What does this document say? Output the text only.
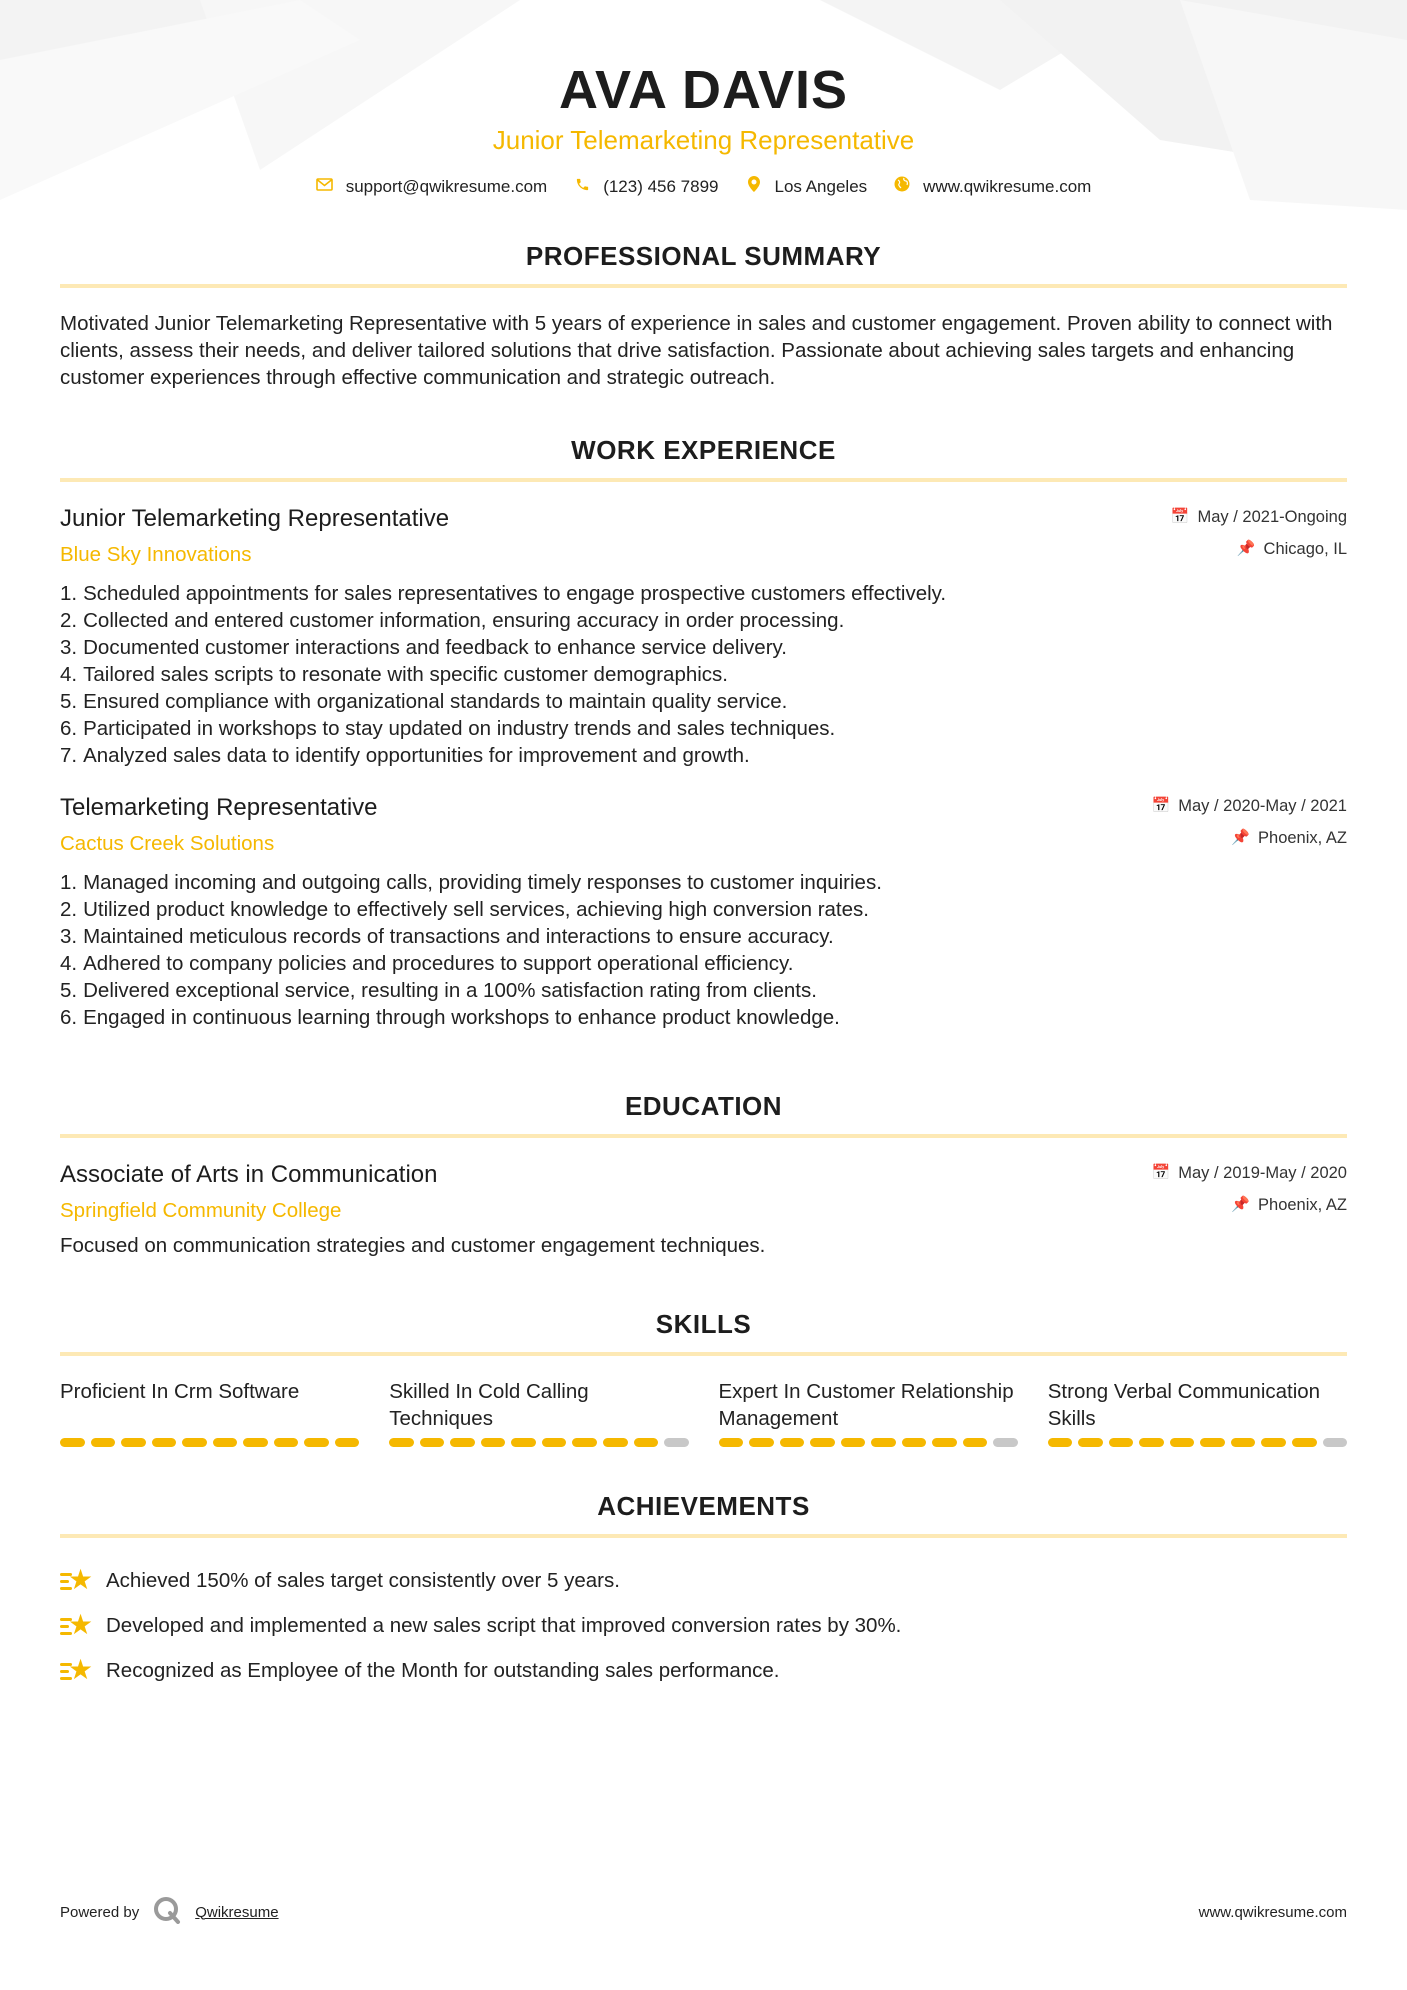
AVA DAVIS
Junior Telemarketing Representative
support@qwikresume.com	(123) 456 7899	Los Angeles	www.qwikresume.com
PROFESSIONAL SUMMARY
Motivated Junior Telemarketing Representative with 5 years of experience in sales and customer engagement. Proven ability to connect with clients, assess their needs, and deliver tailored solutions that drive satisfaction. Passionate about achieving sales targets and enhancing customer experiences through effective communication and strategic outreach.
WORK EXPERIENCE
Junior Telemarketing Representative
Blue Sky Innovations
📅 May / 2021-Ongoing
📌 Chicago, IL
1. Scheduled appointments for sales representatives to engage prospective customers effectively.
2. Collected and entered customer information, ensuring accuracy in order processing.
3. Documented customer interactions and feedback to enhance service delivery.
4. Tailored sales scripts to resonate with specific customer demographics.
5. Ensured compliance with organizational standards to maintain quality service.
6. Participated in workshops to stay updated on industry trends and sales techniques.
7. Analyzed sales data to identify opportunities for improvement and growth.
Telemarketing Representative
Cactus Creek Solutions
📅 May / 2020-May / 2021
📌 Phoenix, AZ
1. Managed incoming and outgoing calls, providing timely responses to customer inquiries.
2. Utilized product knowledge to effectively sell services, achieving high conversion rates.
3. Maintained meticulous records of transactions and interactions to ensure accuracy.
4. Adhered to company policies and procedures to support operational efficiency.
5. Delivered exceptional service, resulting in a 100% satisfaction rating from clients.
6. Engaged in continuous learning through workshops to enhance product knowledge.
EDUCATION
Associate of Arts in Communication
Springfield Community College
📅 May / 2019-May / 2020
📌 Phoenix, AZ
Focused on communication strategies and customer engagement techniques.
SKILLS
Proficient In Crm Software	Skilled In Cold Calling Techniques
Expert In Customer Relationship Management
Strong Verbal Communication Skills
ACHIEVEMENTS
★ Achieved 150% of sales target consistently over 5 years.
★ Developed and implemented a new sales script that improved conversion rates by 30%.
★ Recognized as Employee of the Month for outstanding sales performance.
Powered by	Qwikresume	www.qwikresume.com
